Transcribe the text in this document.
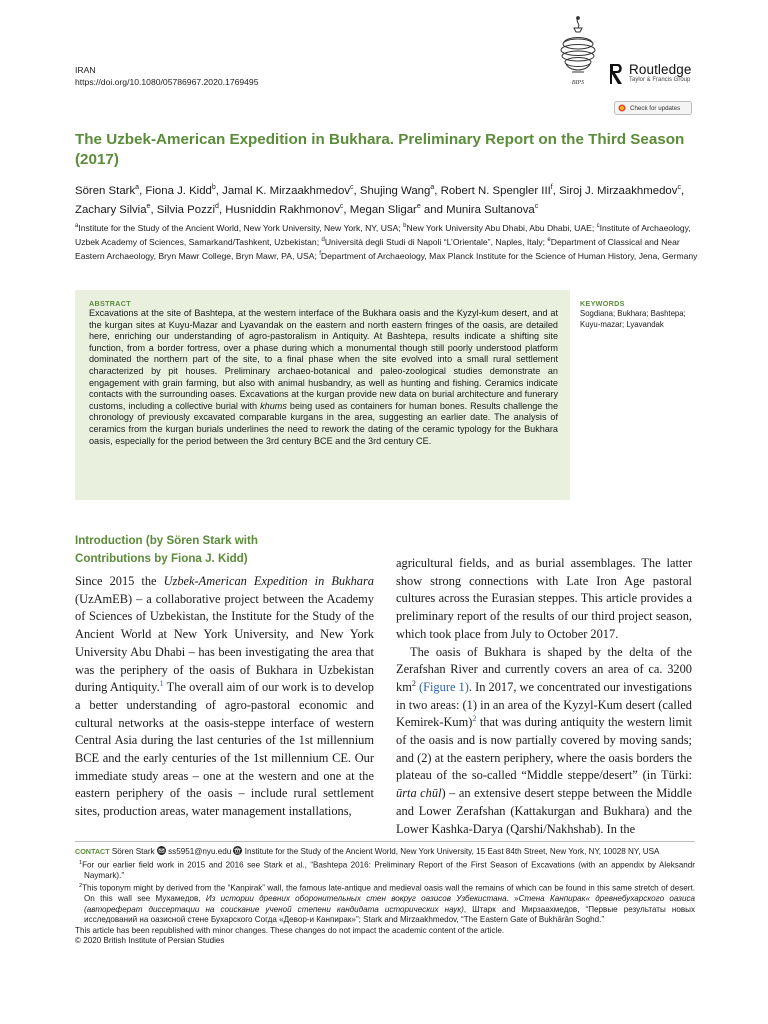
IRAN
https://doi.org/10.1080/05786967.2020.1769495	BIPS
Routledge
Taylor & Francis Group
Check for updates
The Uzbek-American Expedition in Bukhara. Preliminary Report on the Third Season (2017)
Sören Stark$^a$, Fiona J. Kidd$^b$, Jamal K. Mirzaakhmedov$^c$, Shujing Wang$^a$, Robert N. Spengler III$^f$, Siroj J. Mirzaakhmedov$^c$, Zachary Silvia$^e$, Silvia Pozzi$^d$, Husniddin Rakhmonov$^c$, Megan Sligar$^e$ and Munira Sultanova$^c$
$^a$Institute for the Study of the Ancient World, New York University, New York, NY, USA; $^b$New York University Abu Dhabi, Abu Dhabi, UAE; $^c$Institute of Archaeology, Uzbek Academy of Sciences, Samarkand/Tashkent, Uzbekistan; $^d$Università degli Studi di Napoli “L’Orientale”, Naples, Italy; $^e$Department of Classical and Near Eastern Archaeology, Bryn Mawr College, Bryn Mawr, PA, USA; $^f$Department of Archaeology, Max Planck Institute for the Science of Human History, Jena, Germany
ABSTRACT

Excavations at the site of Bashtepa, at the western interface of the Bukhara oasis and the Kyzyl-kum desert, and at the kurgan sites at Kuyu-Mazar and Lyavandak on the eastern and north eastern fringes of the oasis, are detailed here, enriching our understanding of agro-pastoralism in Antiquity. At Bashtepa, results indicate a shifting site function, from a border fortress, over a phase during which a monumental though still poorly understood platform dominated the northern part of the site, to a final phase when the site evolved into a small rural settlement characterized by pit houses. Preliminary archaeo-botanical and paleo-zoological studies demonstrate an engagement with grain farming, but also with animal husbandry, as well as hunting and fishing. Ceramics indicate contacts with the surrounding oases. Excavations at the kurgan provide new data on burial architecture and funerary customs, including a collective burial with khums being used as containers for human bones. Results challenge the chronology of previously excavated comparable kurgans in the area, suggesting an earlier date. The analysis of ceramics from the kurgan burials underlines the need to rework the dating of the ceramic typology for the Bukhara oasis, especially for the period between the 3rd century BCE and the 3rd century CE.

KEYWORDS
Sogdiana; Bukhara; Bashtepa; Kuyu-mazar; Lyavandak
Introduction (by Sören Stark with Contributions by Fiona J. Kidd)

Since 2015 the Uzbek-American Expedition in Bukhara (UzAmEB) – a collaborative project between the Academy of Sciences of Uzbekistan, the Institute for the Study of the Ancient World at New York University, and New York University Abu Dhabi – has been investigating the area that was the periphery of the oasis of Bukhara in Uzbekistan during Antiquity.$^1$ The overall aim of our work is to develop a better understanding of agro-pastoral economic and cultural networks at the oasis-steppe interface of western Central Asia during the last centuries of the 1st millennium BCE and the early centuries of the 1st millennium CE. Our immediate study areas – one at the western and one at the eastern periphery of the oasis – include rural settlement sites, production areas, water management installations,

agricultural fields, and as burial assemblages. The latter show strong connections with Late Iron Age pastoral cultures across the Eurasian steppes. This article provides a preliminary report of the results of our third project season, which took place from July to October 2017.

The oasis of Bukhara is shaped by the delta of the Zerafshan River and currently covers an area of ca. 3200 $km^2$ (Figure 1). In 2017, we concentrated our investigations in two areas: (1) in an area of the Kyzyl-Kum desert (called Kemirek-Kum)$^2$ that was during antiquity the western limit of the oasis and is now partially covered by moving sands; and (2) at the eastern periphery, where the oasis borders the plateau of the so-called “Middle steppe/desert” (in Türki: ūrta chūl) – an extensive desert steppe between the Middle and Lower Zerafshan (Kattakurgan and Bukhara) and the Lower Kashka-Darya (Qarshi/Nakhshab). In the

CONTACT Sören Stark ss5951@nyu.edu Institute for the Study of the Ancient World, New York University, 15 East 84th Street, New York, NY, 10028 NY, USA

$^1$For our earlier field work in 2015 and 2016 see Stark et al., “Bashtepa 2016: Preliminary Report of the First Season of Excavations (with an appendix by Aleksandr Naymark).”

$^2$This toponym might by derived from the “Kanpirak” wall, the famous late-antique and medieval oasis wall the remains of which can be found in this same stretch of desert. On this wall see Мухамедов, Из истории древних оборонительных стен вокруг оазисов Узбекистана. »Стена Канпирак« древнебухарского оазиса (автореферат диссертации на соискание ученой степени кандидата исторических наук), Штарк and Мирзаахмедов, “Первые результаты новых исследований на оазисной стене Бухарского Согда «Девор-и Канпирак»”; Stark and Mirzaakhmedov, “The Eastern Gate of Bukhārān Soghd.”

This article has been republished with minor changes. These changes do not impact the academic content of the article.

© 2020 British Institute of Persian Studies
